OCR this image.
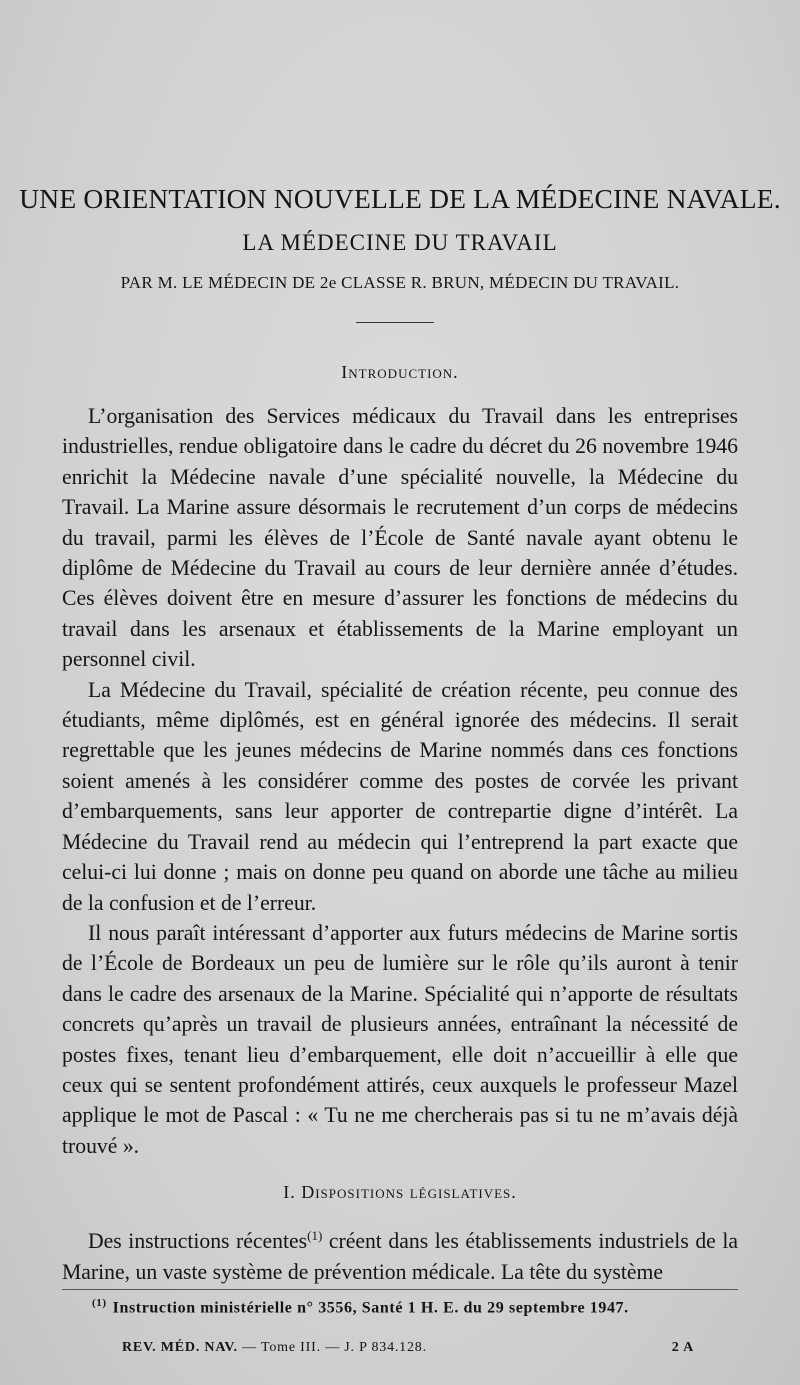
UNE ORIENTATION NOUVELLE DE LA MÉDECINE NAVALE.
LA MÉDECINE DU TRAVAIL
PAR M. LE MÉDECIN DE 2e CLASSE R. BRUN, MÉDECIN DU TRAVAIL.
Introduction.

L’organisation des Services médicaux du Travail dans les entreprises industrielles, rendue obligatoire dans le cadre du décret du 26 novembre 1946 enrichit la Médecine navale d’une spécialité nouvelle, la Médecine du Travail. La Marine assure désormais le recrutement d’un corps de médecins du travail, parmi les élèves de l’École de Santé navale ayant obtenu le diplôme de Médecine du Travail au cours de leur dernière année d’études. Ces élèves doivent être en mesure d’assurer les fonctions de médecins du travail dans les arsenaux et établissements de la Marine employant un personnel civil.

La Médecine du Travail, spécialité de création récente, peu connue des étudiants, même diplômés, est en général ignorée des médecins. Il serait regrettable que les jeunes médecins de Marine nommés dans ces fonctions soient amenés à les considérer comme des postes de corvée les privant d’embarquements, sans leur apporter de contrepartie digne d’intérêt. La Médecine du Travail rend au médecin qui l’entreprend la part exacte que celui-ci lui donne ; mais on donne peu quand on aborde une tâche au milieu de la confusion et de l’erreur.

Il nous paraît intéressant d’apporter aux futurs médecins de Marine sortis de l’École de Bordeaux un peu de lumière sur le rôle qu’ils auront à tenir dans le cadre des arsenaux de la Marine. Spécialité qui n’apporte de résultats concrets qu’après un travail de plusieurs années, entraînant la nécessité de postes fixes, tenant lieu d’embarquement, elle doit n’accueillir à elle que ceux qui se sentent profondément attirés, ceux auxquels le professeur Mazel applique le mot de Pascal : « Tu ne me chercherais pas si tu ne m’avais déjà trouvé ».

I. Dispositions législatives.

Des instructions récentes$^{(1)}$ créent dans les établissements industriels de la Marine, un vaste système de prévention médicale. La tête du système

$^{(1)}$ Instruction ministérielle n° 3556, Santé 1 H. E. du 29 septembre 1947.
REV. MÉD. NAV. — Tome III. — J. P 834.128.	2 A
